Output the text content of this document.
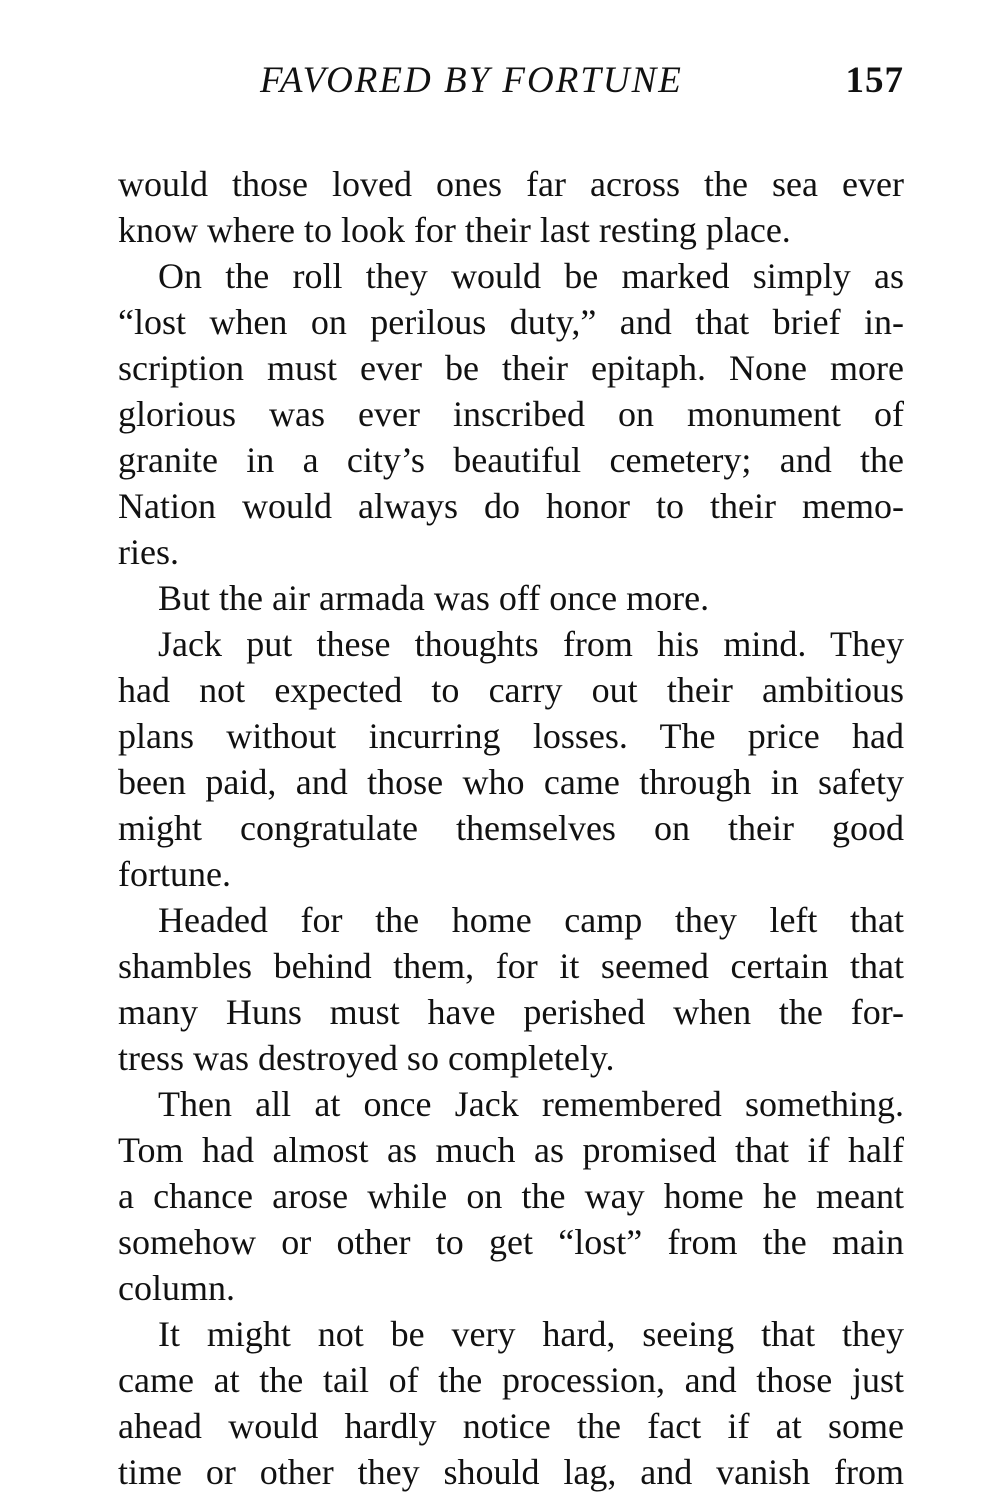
FAVORED BY FORTUNE	157
would those loved ones far across the sea ever
know where to look for their last resting place.
On the roll they would be marked simply as
“lost when on perilous duty,” and that brief in-
scription must ever be their epitaph. None more
glorious was ever inscribed on monument of
granite in a city’s beautiful cemetery; and the
Nation would always do honor to their memo-
ries.
But the air armada was off once more.
Jack put these thoughts from his mind. They
had not expected to carry out their ambitious
plans without incurring losses. The price had
been paid, and those who came through in safety
might congratulate themselves on their good
fortune.
Headed for the home camp they left that
shambles behind them, for it seemed certain that
many Huns must have perished when the for-
tress was destroyed so completely.
Then all at once Jack remembered something.
Tom had almost as much as promised that if half
a chance arose while on the way home he meant
somehow or other to get “lost” from the main
column.
It might not be very hard, seeing that they
came at the tail of the procession, and those just
ahead would hardly notice the fact if at some
time or other they should lag, and vanish from
